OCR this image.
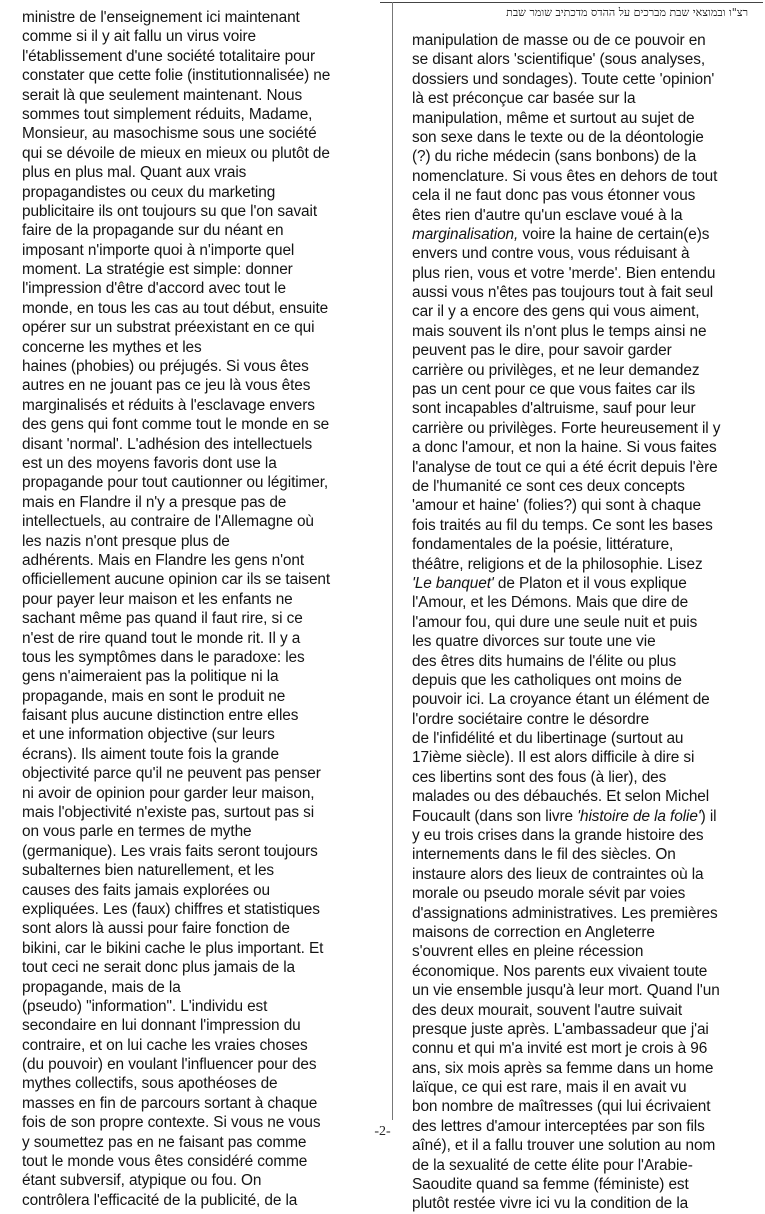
רצ"ו ובמוצאי שבת מברכים על ההדס מדכתיב שומר שבת
ministre de l'enseignement ici maintenant
comme si il y ait fallu un virus voire
l'établissement d'une société totalitaire pour
constater que cette folie (institutionnalisée) ne
serait là que seulement maintenant. Nous
sommes tout simplement réduits, Madame,
Monsieur, au masochisme sous une société
qui se dévoile de mieux en mieux ou plutôt de
plus en plus mal. Quant aux vrais
propagandistes ou ceux du marketing
publicitaire ils ont toujours su que l'on savait
faire de la propagande sur du néant en
imposant n'importe quoi à n'importe quel
moment. La stratégie est simple: donner
l'impression d'être d'accord avec tout le
monde, en tous les cas au tout début, ensuite
opérer sur un substrat préexistant en ce qui
concerne les mythes et les
haines (phobies) ou préjugés. Si vous êtes
autres en ne jouant pas ce jeu là vous êtes
marginalisés et réduits à l'esclavage envers
des gens qui font comme tout le monde en se
disant 'normal'. L'adhésion des intellectuels
est un des moyens favoris dont use la
propagande pour tout cautionner ou légitimer,
mais en Flandre il n'y a presque pas de
intellectuels, au contraire de l'Allemagne où
les nazis n'ont presque plus de
adhérents. Mais en Flandre les gens n'ont
officiellement aucune opinion car ils se taisent
pour payer leur maison et les enfants ne
sachant même pas quand il faut rire, si ce
n'est de rire quand tout le monde rit. Il y a
tous les symptômes dans le paradoxe: les
gens n'aimeraient pas la politique ni la
propagande, mais en sont le produit ne
faisant plus aucune distinction entre elles
et une information objective (sur leurs
écrans). Ils aiment toute fois la grande
objectivité parce qu'il ne peuvent pas penser
ni avoir de opinion pour garder leur maison,
mais l'objectivité n'existe pas, surtout pas si
on vous parle en termes de mythe
(germanique). Les vrais faits seront toujours
subalternes bien naturellement, et les
causes des faits jamais explorées ou
expliquées. Les (faux) chiffres et statistiques
sont alors là aussi pour faire fonction de
bikini, car le bikini cache le plus important. Et
tout ceci ne serait donc plus jamais de la
propagande, mais de la
(pseudo) "information". L'individu est
secondaire en lui donnant l'impression du
contraire, et on lui cache les vraies choses
(du pouvoir) en voulant l'influencer pour des
mythes collectifs, sous apothéoses de
masses en fin de parcours sortant à chaque
fois de son propre contexte. Si vous ne vous
y soumettez pas en ne faisant pas comme
tout le monde vous êtes considéré comme
étant subversif, atypique ou fou. On
contrôlera l'efficacité de la publicité, de la
manipulation de masse ou de ce pouvoir en
se disant alors 'scientifique' (sous analyses,
dossiers und sondages). Toute cette 'opinion'
là est préconçue car basée sur la
manipulation, même et surtout au sujet de
son sexe dans le texte ou de la déontologie
(?) du riche médecin (sans bonbons) de la
nomenclature. Si vous êtes en dehors de tout
cela il ne faut donc pas vous étonner vous
êtes rien d'autre qu'un esclave voué à la
marginalisation, voire la haine de certain(e)s
envers und contre vous, vous réduisant à
plus rien, vous et votre 'merde'. Bien entendu
aussi vous n'êtes pas toujours tout à fait seul
car il y a encore des gens qui vous aiment,
mais souvent ils n'ont plus le temps ainsi ne
peuvent pas le dire, pour savoir garder
carrière ou privilèges, et ne leur demandez
pas un cent pour ce que vous faites car ils
sont incapables d'altruisme, sauf pour leur
carrière ou privilèges. Forte heureusement il y
a donc l'amour, et non la haine. Si vous faites
l'analyse de tout ce qui a été écrit depuis l'ère
de l'humanité ce sont ces deux concepts
'amour et haine' (folies?) qui sont à chaque
fois traités au fil du temps. Ce sont les bases
fondamentales de la poésie, littérature,
théâtre, religions et de la philosophie. Lisez
'Le banquet' de Platon et il vous explique
l'Amour, et les Démons. Mais que dire de
l'amour fou, qui dure une seule nuit et puis
les quatre divorces sur toute une vie
des êtres dits humains de l'élite ou plus
depuis que les catholiques ont moins de
pouvoir ici. La croyance étant un élément de
l'ordre sociétaire contre le désordre
de l'infidélité et du libertinage (surtout au
17ième siècle). Il est alors difficile à dire si
ces libertins sont des fous (à lier), des
malades ou des débauchés. Et selon Michel
Foucault (dans son livre 'histoire de la folie') il
y eu trois crises dans la grande histoire des
internements dans le fil des siècles. On
instaure alors des lieux de contraintes où la
morale ou pseudo morale sévit par voies
d'assignations administratives. Les premières
maisons de correction en Angleterre
s'ouvrent elles en pleine récession
économique. Nos parents eux vivaient toute
un vie ensemble jusqu'à leur mort. Quand l'un
des deux mourait, souvent l'autre suivait
presque juste après. L'ambassadeur que j'ai
connu et qui m'a invité est mort je crois à 96
ans, six mois après sa femme dans un home
laïque, ce qui est rare, mais il en avait vu
bon nombre de maîtresses (qui lui écrivaient
des lettres d'amour interceptées par son fils
aîné), et il a fallu trouver une solution au nom
de la sexualité de cette élite pour l'Arabie-
Saoudite quand sa femme (féministe) est
plutôt restée vivre ici vu la condition de la
-2-
